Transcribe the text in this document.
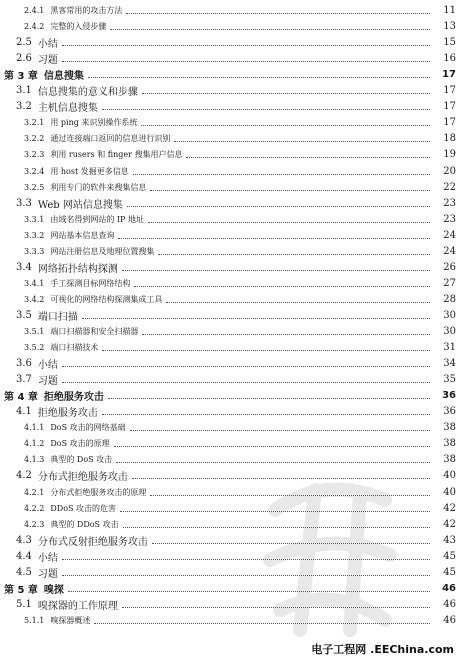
2.4.1 黑客常用的攻击方法	11
2.4.2 完整的入侵步骤	13
2.5 小结	15
2.6 习题	16
第 3 章 信息搜集	17
3.1 信息搜集的意义和步骤	17
3.2 主机信息搜集	17
3.2.1 用 ping 来识别操作系统	17
3.2.2 通过连接端口返回的信息进行识别	18
3.2.3 利用 rusers 和 finger 搜集用户信息	19
3.2.4 用 host 发掘更多信息	20
3.2.5 利用专门的软件来搜集信息	22
3.3 Web 网站信息搜集	23
3.3.1 由域名得到网站的 IP 地址	23
3.3.2 网站基本信息查询	24
3.3.3 网站注册信息及地理位置搜集	24
3.4 网络拓扑结构探测	26
3.4.1 手工探测目标网络结构	27
3.4.2 可视化的网络结构探测集成工具	28
3.5 端口扫描	30
3.5.1 端口扫描器和安全扫描器	30
3.5.2 端口扫描技术	31
3.6 小结	34
3.7 习题	35
第 4 章 拒绝服务攻击	36
4.1 拒绝服务攻击	36
4.1.1 DoS 攻击的网络基础	38
4.1.2 DoS 攻击的原理	38
4.1.3 典型的 DoS 攻击	38
4.2 分布式拒绝服务攻击	40
4.2.1 分布式拒绝服务攻击的原理	40
4.2.2 DDoS 攻击的危害	42
4.2.3 典型的 DDoS 攻击	42
4.3 分布式反射拒绝服务攻击	43
4.4 小结	45
4.5 习题	45
第 5 章 嗅探	46
5.1 嗅探器的工作原理	46
5.1.1 嗅探器概述	46
电子工程网 .EEChina.com
